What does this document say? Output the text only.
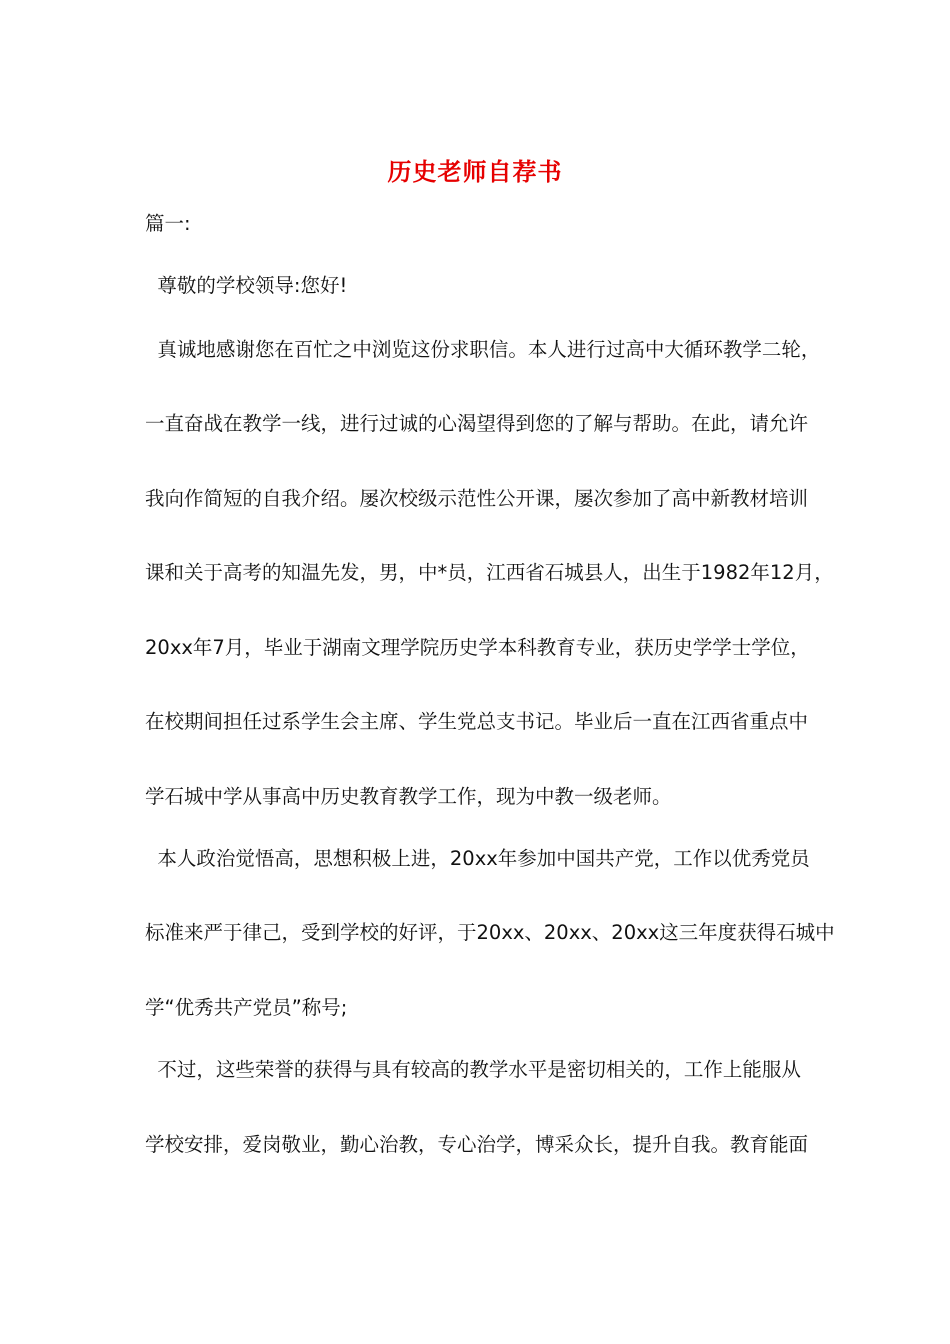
历史老师自荐书
篇一:
尊敬的学校领导:您好!
真诚地感谢您在百忙之中浏览这份求职信。本人进行过高中大循环教学二轮，
一直奋战在教学一线，进行过诚的心渴望得到您的了解与帮助。在此，请允许
我向作简短的自我介绍。屡次校级示范性公开课，屡次参加了高中新教材培训
课和关于高考的知温先发，男，中*员，江西省石城县人，出生于1982年12月，
20xx年7月，毕业于湖南文理学院历史学本科教育专业，获历史学学士学位，
在校期间担任过系学生会主席、学生党总支书记。毕业后一直在江西省重点中
学石城中学从事高中历史教育教学工作，现为中教一级老师。
本人政治觉悟高，思想积极上进，20xx年参加中国共产党，工作以优秀党员
标准来严于律己，受到学校的好评，于20xx、20xx、20xx这三年度获得石城中
学“优秀共产党员”称号;
不过，这些荣誉的获得与具有较高的教学水平是密切相关的，工作上能服从
学校安排，爱岗敬业，勤心治教，专心治学，博采众长，提升自我。教育能面
